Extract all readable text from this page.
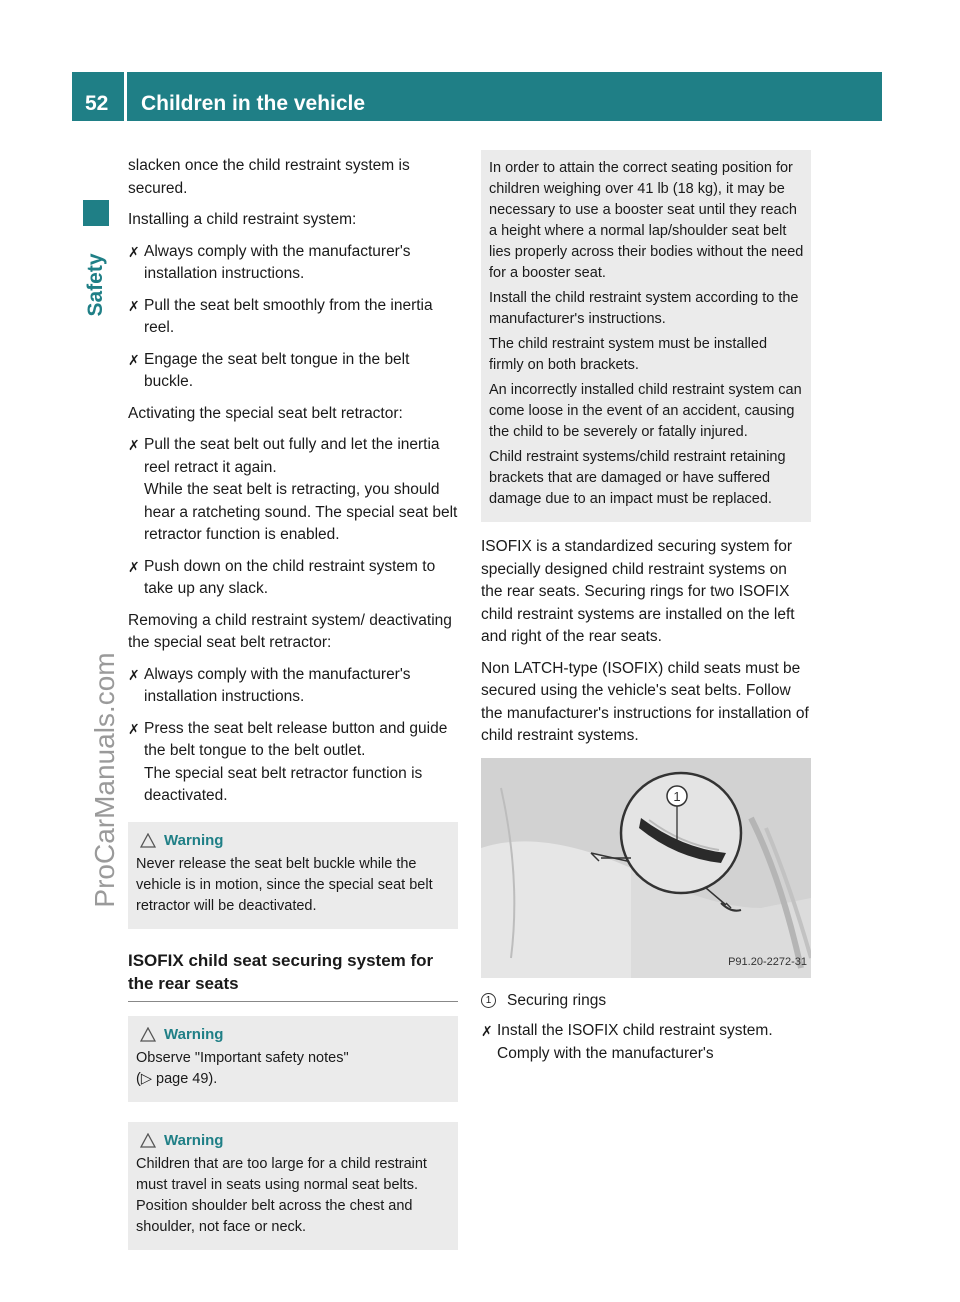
52 Children in the vehicle
Safety
ProCarManuals.com

slacken once the child restraint system is secured.

Installing a child restraint system:

✗ Always comply with the manufacturer's installation instructions.
✗ Pull the seat belt smoothly from the inertia reel.
✗ Engage the seat belt tongue in the belt buckle.

Activating the special seat belt retractor:

✗ Pull the seat belt out fully and let the inertia reel retract it again.
While the seat belt is retracting, you should hear a ratcheting sound. The special seat belt retractor function is enabled.
✗ Push down on the child restraint system to take up any slack.

Removing a child restraint system/ deactivating the special seat belt retractor:

✗ Always comply with the manufacturer's installation instructions.
✗ Press the seat belt release button and guide the belt tongue to the belt outlet.
The special seat belt retractor function is deactivated.
Warning

Never release the seat belt buckle while the vehicle is in motion, since the special seat belt retractor will be deactivated.

ISOFIX child seat securing system for the rear seats
Warning

Observe "Important safety notes"

(▷ page 49).

Warning

Children that are too large for a child restraint must travel in seats using normal seat belts. Position shoulder belt across the chest and shoulder, not face or neck.

In order to attain the correct seating position for children weighing over 41 lb (18 kg), it may be necessary to use a booster seat until they reach a height where a normal lap/shoulder seat belt lies properly across their bodies without the need for a booster seat.

Install the child restraint system according to the manufacturer's instructions.

The child restraint system must be installed firmly on both brackets.

An incorrectly installed child restraint system can come loose in the event of an accident, causing the child to be severely or fatally injured.

Child restraint systems/child restraint retaining brackets that are damaged or have suffered damage due to an impact must be replaced.

ISOFIX is a standardized securing system for specially designed child restraint systems on the rear seats. Securing rings for two ISOFIX child restraint systems are installed on the left and right of the rear seats.

Non LATCH-type (ISOFIX) child seats must be secured using the vehicle's seat belts. Follow the manufacturer's instructions for installation of child restraint systems.

1
P91.20-2272-31
1	Securing rings
✗ Install the ISOFIX child restraint system.
Comply with the manufacturer's
